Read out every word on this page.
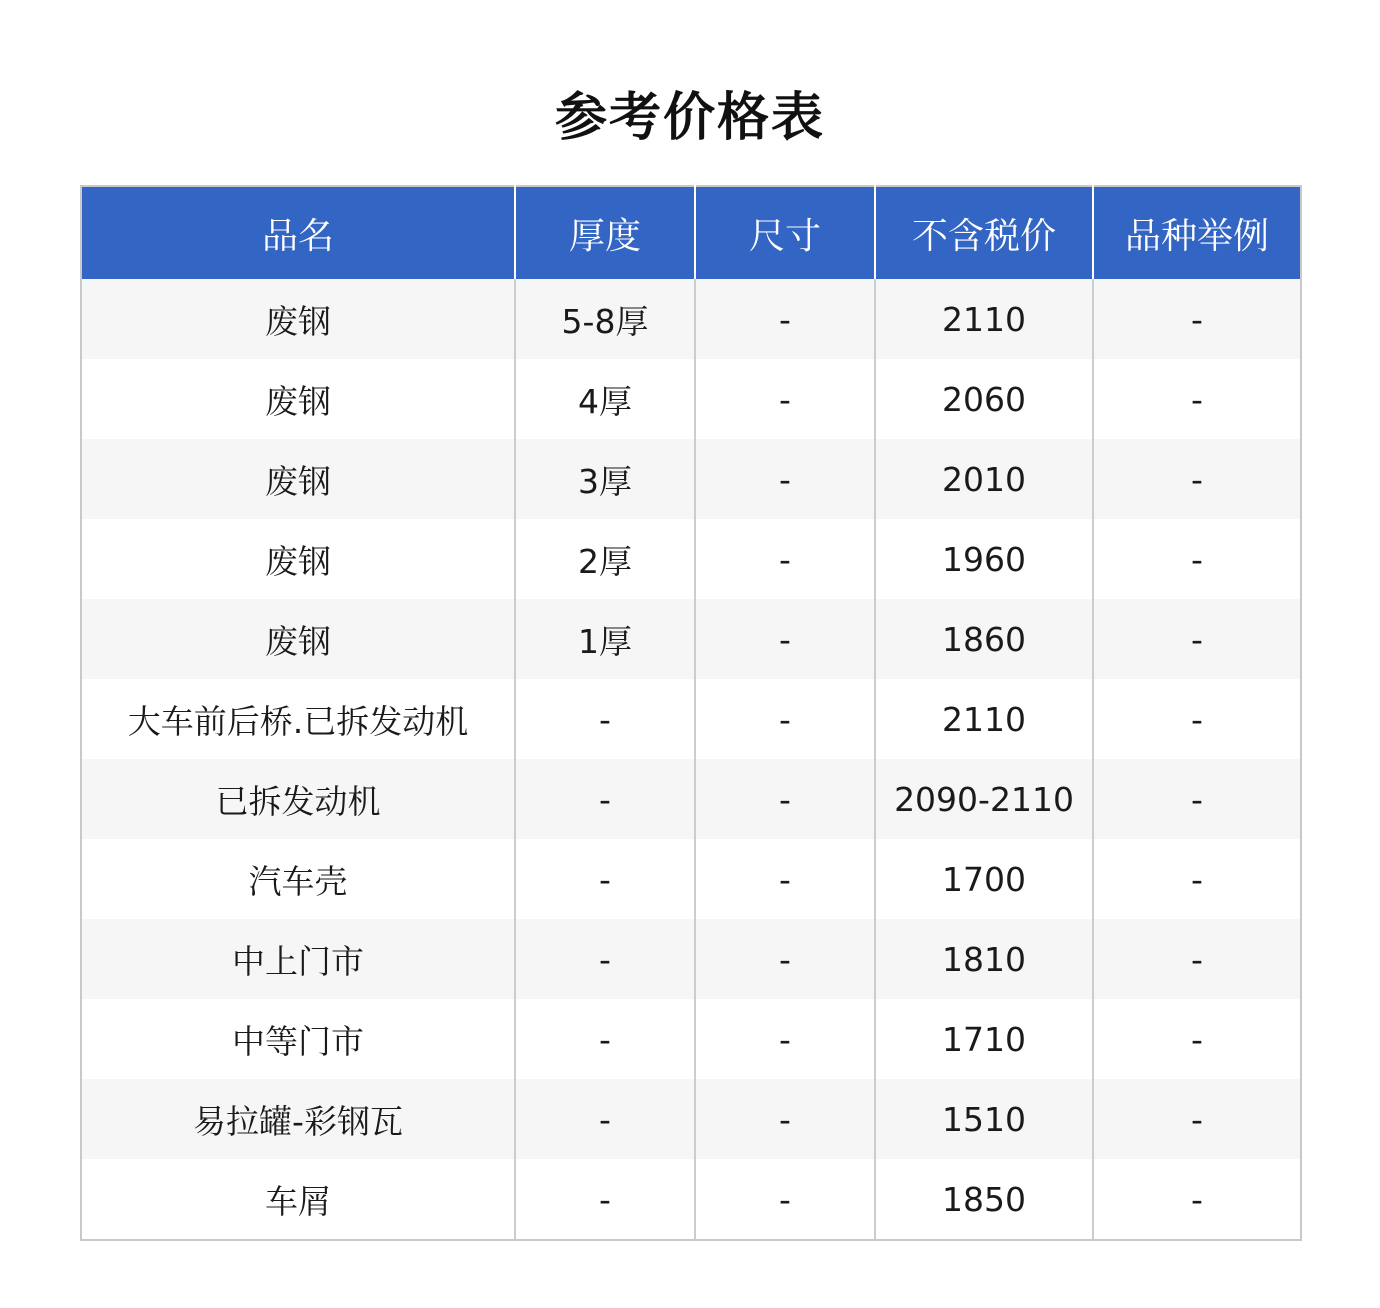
参考价格表
品名	厚度	尺寸	不含税价	品种举例
废钢	5-8厚	-	2110	-
废钢	4厚	-	2060	-
废钢	3厚	-	2010	-
废钢	2厚	-	1960	-
废钢	1厚	-	1860	-
大车前后桥.已拆发动机	-	-	2110	-
已拆发动机	-	-	2090-2110	-
汽车壳	-	-	1700	-
中上门市	-	-	1810	-
中等门市	-	-	1710	-
易拉罐-彩钢瓦	-	-	1510	-
车屑	-	-	1850	-
